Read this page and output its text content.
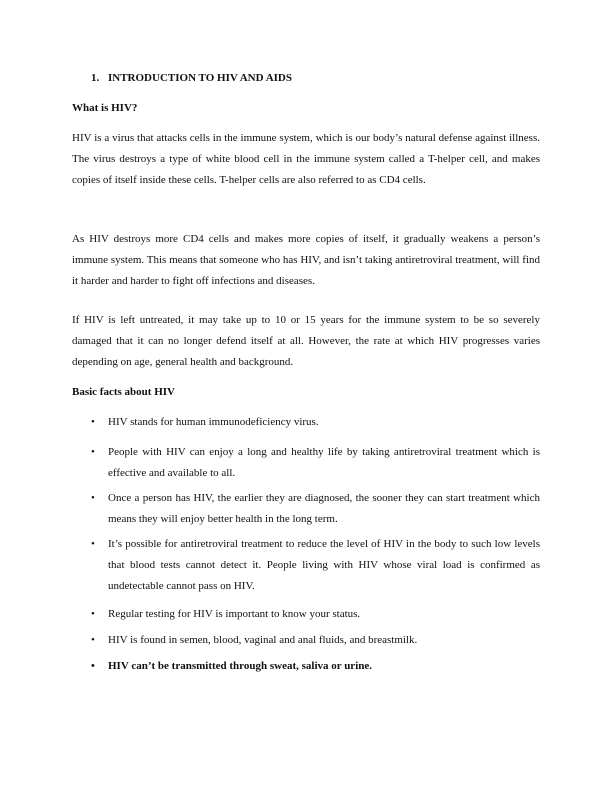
1. INTRODUCTION TO HIV AND AIDS
What is HIV?
HIV is a virus that attacks cells in the immune system, which is our body’s natural defense against illness. The virus destroys a type of white blood cell in the immune system called a T-helper cell, and makes copies of itself inside these cells. T-helper cells are also referred to as CD4 cells.
As HIV destroys more CD4 cells and makes more copies of itself, it gradually weakens a person’s immune system. This means that someone who has HIV, and isn’t taking antiretroviral treatment, will find it harder and harder to fight off infections and diseases.
If HIV is left untreated, it may take up to 10 or 15 years for the immune system to be so severely damaged that it can no longer defend itself at all. However, the rate at which HIV progresses varies depending on age, general health and background.
Basic facts about HIV
• HIV stands for human immunodeficiency virus.
• People with HIV can enjoy a long and healthy life by taking antiretroviral treatment which is effective and available to all.
• Once a person has HIV, the earlier they are diagnosed, the sooner they can start treatment which means they will enjoy better health in the long term.
• It’s possible for antiretroviral treatment to reduce the level of HIV in the body to such low levels that blood tests cannot detect it. People living with HIV whose viral load is confirmed as undetectable cannot pass on HIV.
• Regular testing for HIV is important to know your status.
• HIV is found in semen, blood, vaginal and anal fluids, and breastmilk.
• HIV can’t be transmitted through sweat, saliva or urine.
